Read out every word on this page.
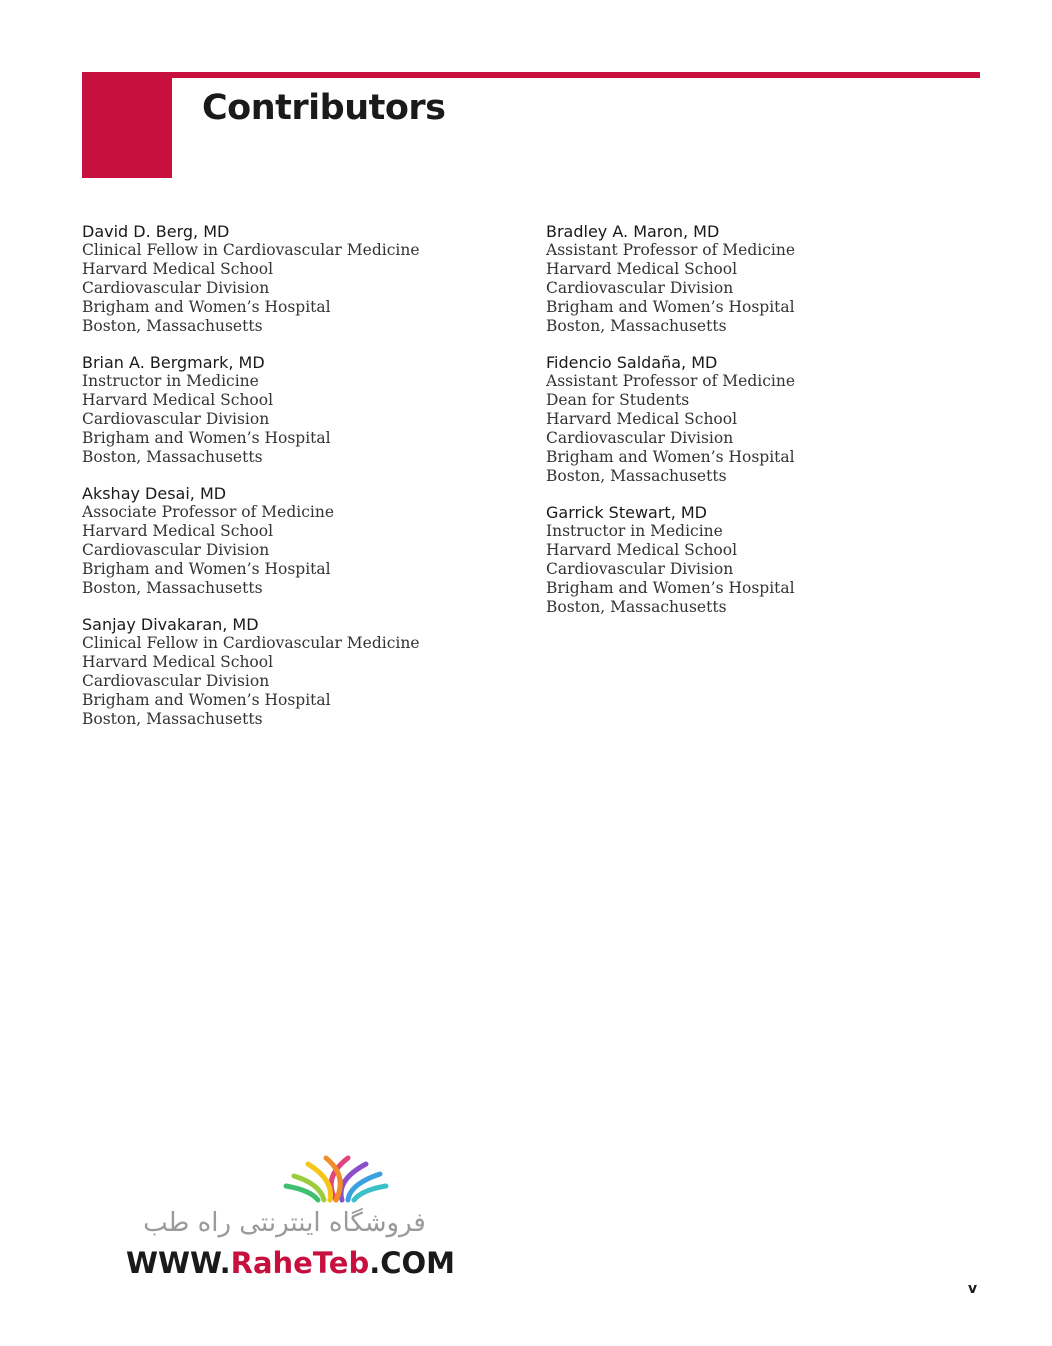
Contributors
David D. Berg, MD
Clinical Fellow in Cardiovascular Medicine
Harvard Medical School
Cardiovascular Division
Brigham and Women’s Hospital
Boston, Massachusetts
Brian A. Bergmark, MD
Instructor in Medicine
Harvard Medical School
Cardiovascular Division
Brigham and Women’s Hospital
Boston, Massachusetts
Akshay Desai, MD
Associate Professor of Medicine
Harvard Medical School
Cardiovascular Division
Brigham and Women’s Hospital
Boston, Massachusetts
Sanjay Divakaran, MD
Clinical Fellow in Cardiovascular Medicine
Harvard Medical School
Cardiovascular Division
Brigham and Women’s Hospital
Boston, Massachusetts
Bradley A. Maron, MD
Assistant Professor of Medicine
Harvard Medical School
Cardiovascular Division
Brigham and Women’s Hospital
Boston, Massachusetts
Fidencio Saldaña, MD
Assistant Professor of Medicine
Dean for Students
Harvard Medical School
Cardiovascular Division
Brigham and Women’s Hospital
Boston, Massachusetts
Garrick Stewart, MD
Instructor in Medicine
Harvard Medical School
Cardiovascular Division
Brigham and Women’s Hospital
Boston, Massachusetts
فروشگاه اینترنتی راه طب
WWW.RaheTeb.COM
v
